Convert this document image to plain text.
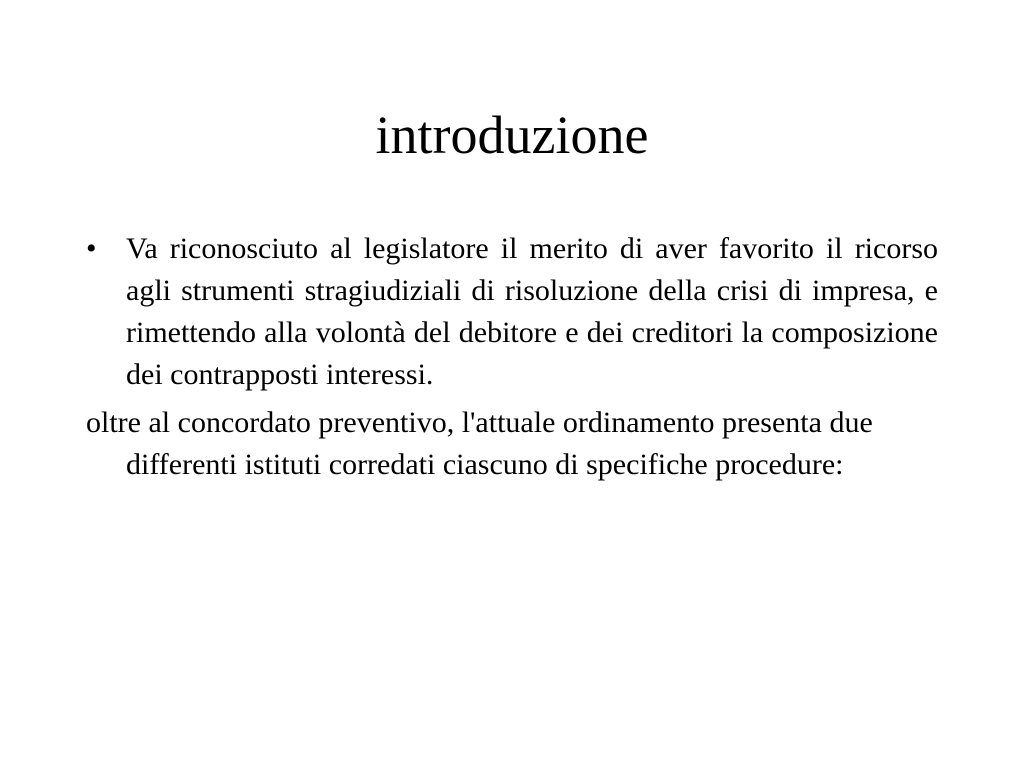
introduzione

• Va riconosciuto al legislatore il merito di aver favorito il ricorso agli strumenti stragiudiziali di risoluzione della crisi di impresa, e rimettendo alla volontà del debitore e dei creditori la composizione dei contrapposti interessi.

oltre al concordato preventivo, l'attuale ordinamento presenta due differenti istituti corredati ciascuno di specifiche procedure:
